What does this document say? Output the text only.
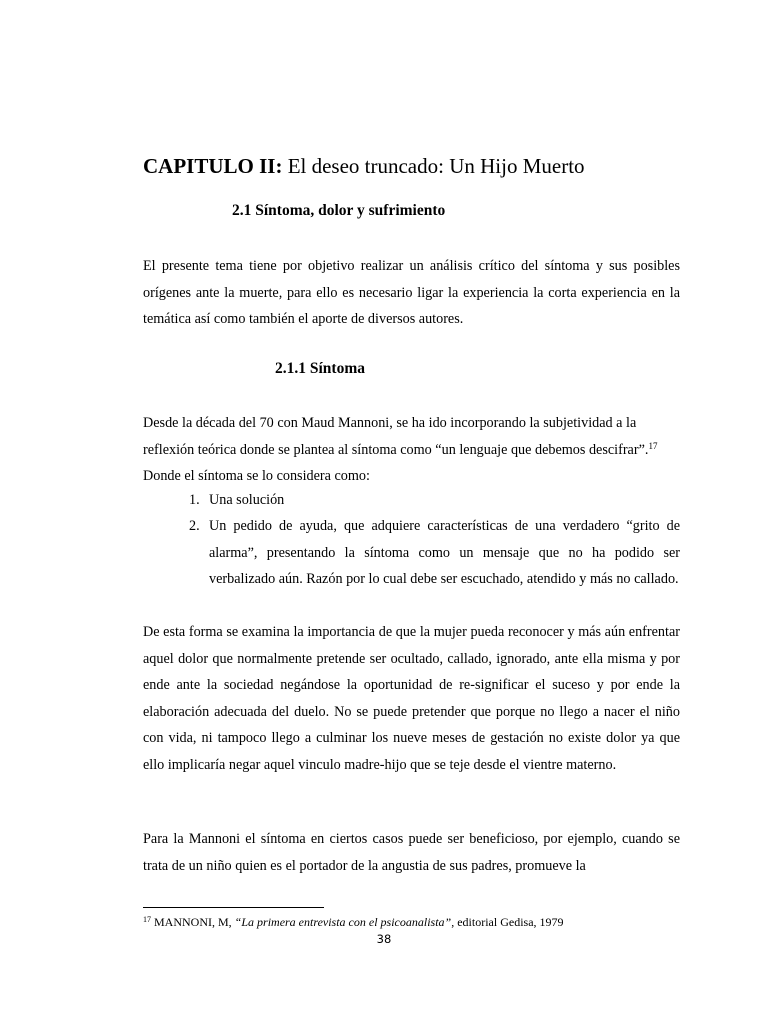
CAPITULO II: El deseo truncado: Un Hijo Muerto
2.1 Síntoma, dolor y sufrimiento

El presente tema tiene por objetivo realizar un análisis crítico del síntoma y sus posibles orígenes ante la muerte, para ello es necesario ligar la experiencia la corta experiencia en la temática así como también el aporte de diversos autores.

2.1.1 Síntoma

Desde la década del 70 con Maud Mannoni, se ha ido incorporando la subjetividad a la reflexión teórica donde se plantea al síntoma como “un lenguaje que debemos descifrar”.$^{17}$ Donde el síntoma se lo considera como:

1. Una solución
2. Un pedido de ayuda, que adquiere características de una verdadero “grito de alarma”, presentando la síntoma como un mensaje que no ha podido ser verbalizado aún. Razón por lo cual debe ser escuchado, atendido y más no callado.

De esta forma se examina la importancia de que la mujer pueda reconocer y más aún enfrentar aquel dolor que normalmente pretende ser ocultado, callado, ignorado, ante ella misma y por ende ante la sociedad negándose la oportunidad de re-significar el suceso y por ende la elaboración adecuada del duelo. No se puede pretender que porque no llego a nacer el niño con vida, ni tampoco llego a culminar los nueve meses de gestación no existe dolor ya que ello implicaría negar aquel vinculo madre-hijo que se teje desde el vientre materno.

Para la Mannoni el síntoma en ciertos casos puede ser beneficioso, por ejemplo, cuando se trata de un niño quien es el portador de la angustia de sus padres, promueve la

$^{17}$ MANNONI, M, “La primera entrevista con el psicoanalista”, editorial Gedisa, 1979

38
